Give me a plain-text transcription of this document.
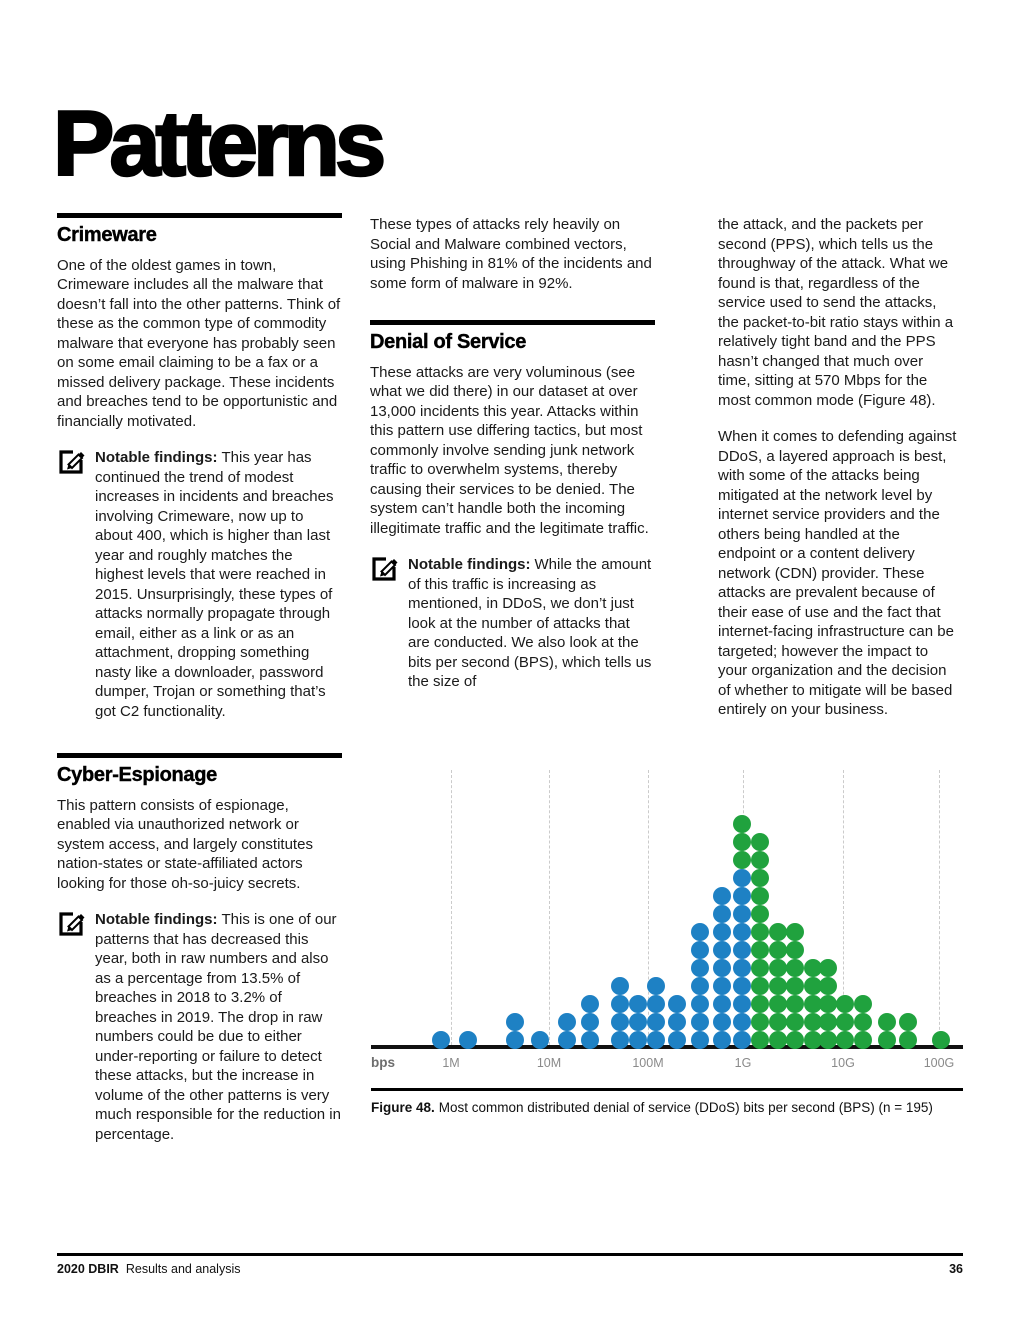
Patterns
Crimeware

One of the oldest games in town, Crimeware includes all the malware that doesn’t fall into the other patterns. Think of these as the common type of commodity malware that everyone has probably seen on some email claiming to be a fax or a missed delivery package. These incidents and breaches tend to be opportunistic and financially motivated.

Notable findings: This year has continued the trend of modest increases in incidents and breaches involving Crimeware, now up to about 400, which is higher than last year and roughly matches the highest levels that were reached in 2015. Unsurprisingly, these types of attacks normally propagate through email, either as a link or as an attachment, dropping something nasty like a downloader, password dumper, Trojan or something that’s got C2 functionality.

Cyber-Espionage

This pattern consists of espionage, enabled via unauthorized network or system access, and largely constitutes nation-states or state-affiliated actors looking for those oh-so-juicy secrets.

Notable findings: This is one of our patterns that has decreased this year, both in raw numbers and also as a percentage from 13.5% of breaches in 2018 to 3.2% of breaches in 2019. The drop in raw numbers could be due to either under-reporting or failure to detect these attacks, but the increase in volume of the other patterns is very much responsible for the reduction in percentage.

These types of attacks rely heavily on Social and Malware combined vectors, using Phishing in 81% of the incidents and some form of malware in 92%.

Denial of Service

These attacks are very voluminous (see what we did there) in our dataset at over 13,000 incidents this year. Attacks within this pattern use differing tactics, but most commonly involve sending junk network traffic to overwhelm systems, thereby causing their services to be denied. The system can’t handle both the incoming illegitimate traffic and the legitimate traffic.

Notable findings: While the amount of this traffic is increasing as mentioned, in DDoS, we don’t just look at the number of attacks that are conducted. We also look at the bits per second (BPS), which tells us the size of

the attack, and the packets per second (PPS), which tells us the throughway of the attack. What we found is that, regardless of the service used to send the attacks, the packet-to-bit ratio stays within a relatively tight band and the PPS hasn’t changed that much over time, sitting at 570 Mbps for the most common mode (Figure 48).

When it comes to defending against DDoS, a layered approach is best, with some of the attacks being mitigated at the network level by internet service providers and the others being handled at the endpoint or a content delivery network (CDN) provider. These attacks are prevalent because of their ease of use and the fact that internet-facing infrastructure can be targeted; however the impact to your organization and the decision of whether to mitigate will be based entirely on your business.

bps	1M	10M	100M	1G	10G	100G
Figure 48. Most common distributed denial of service (DDoS) bits per second (BPS) (n = 195)
2020 DBIR Results and analysis	36
